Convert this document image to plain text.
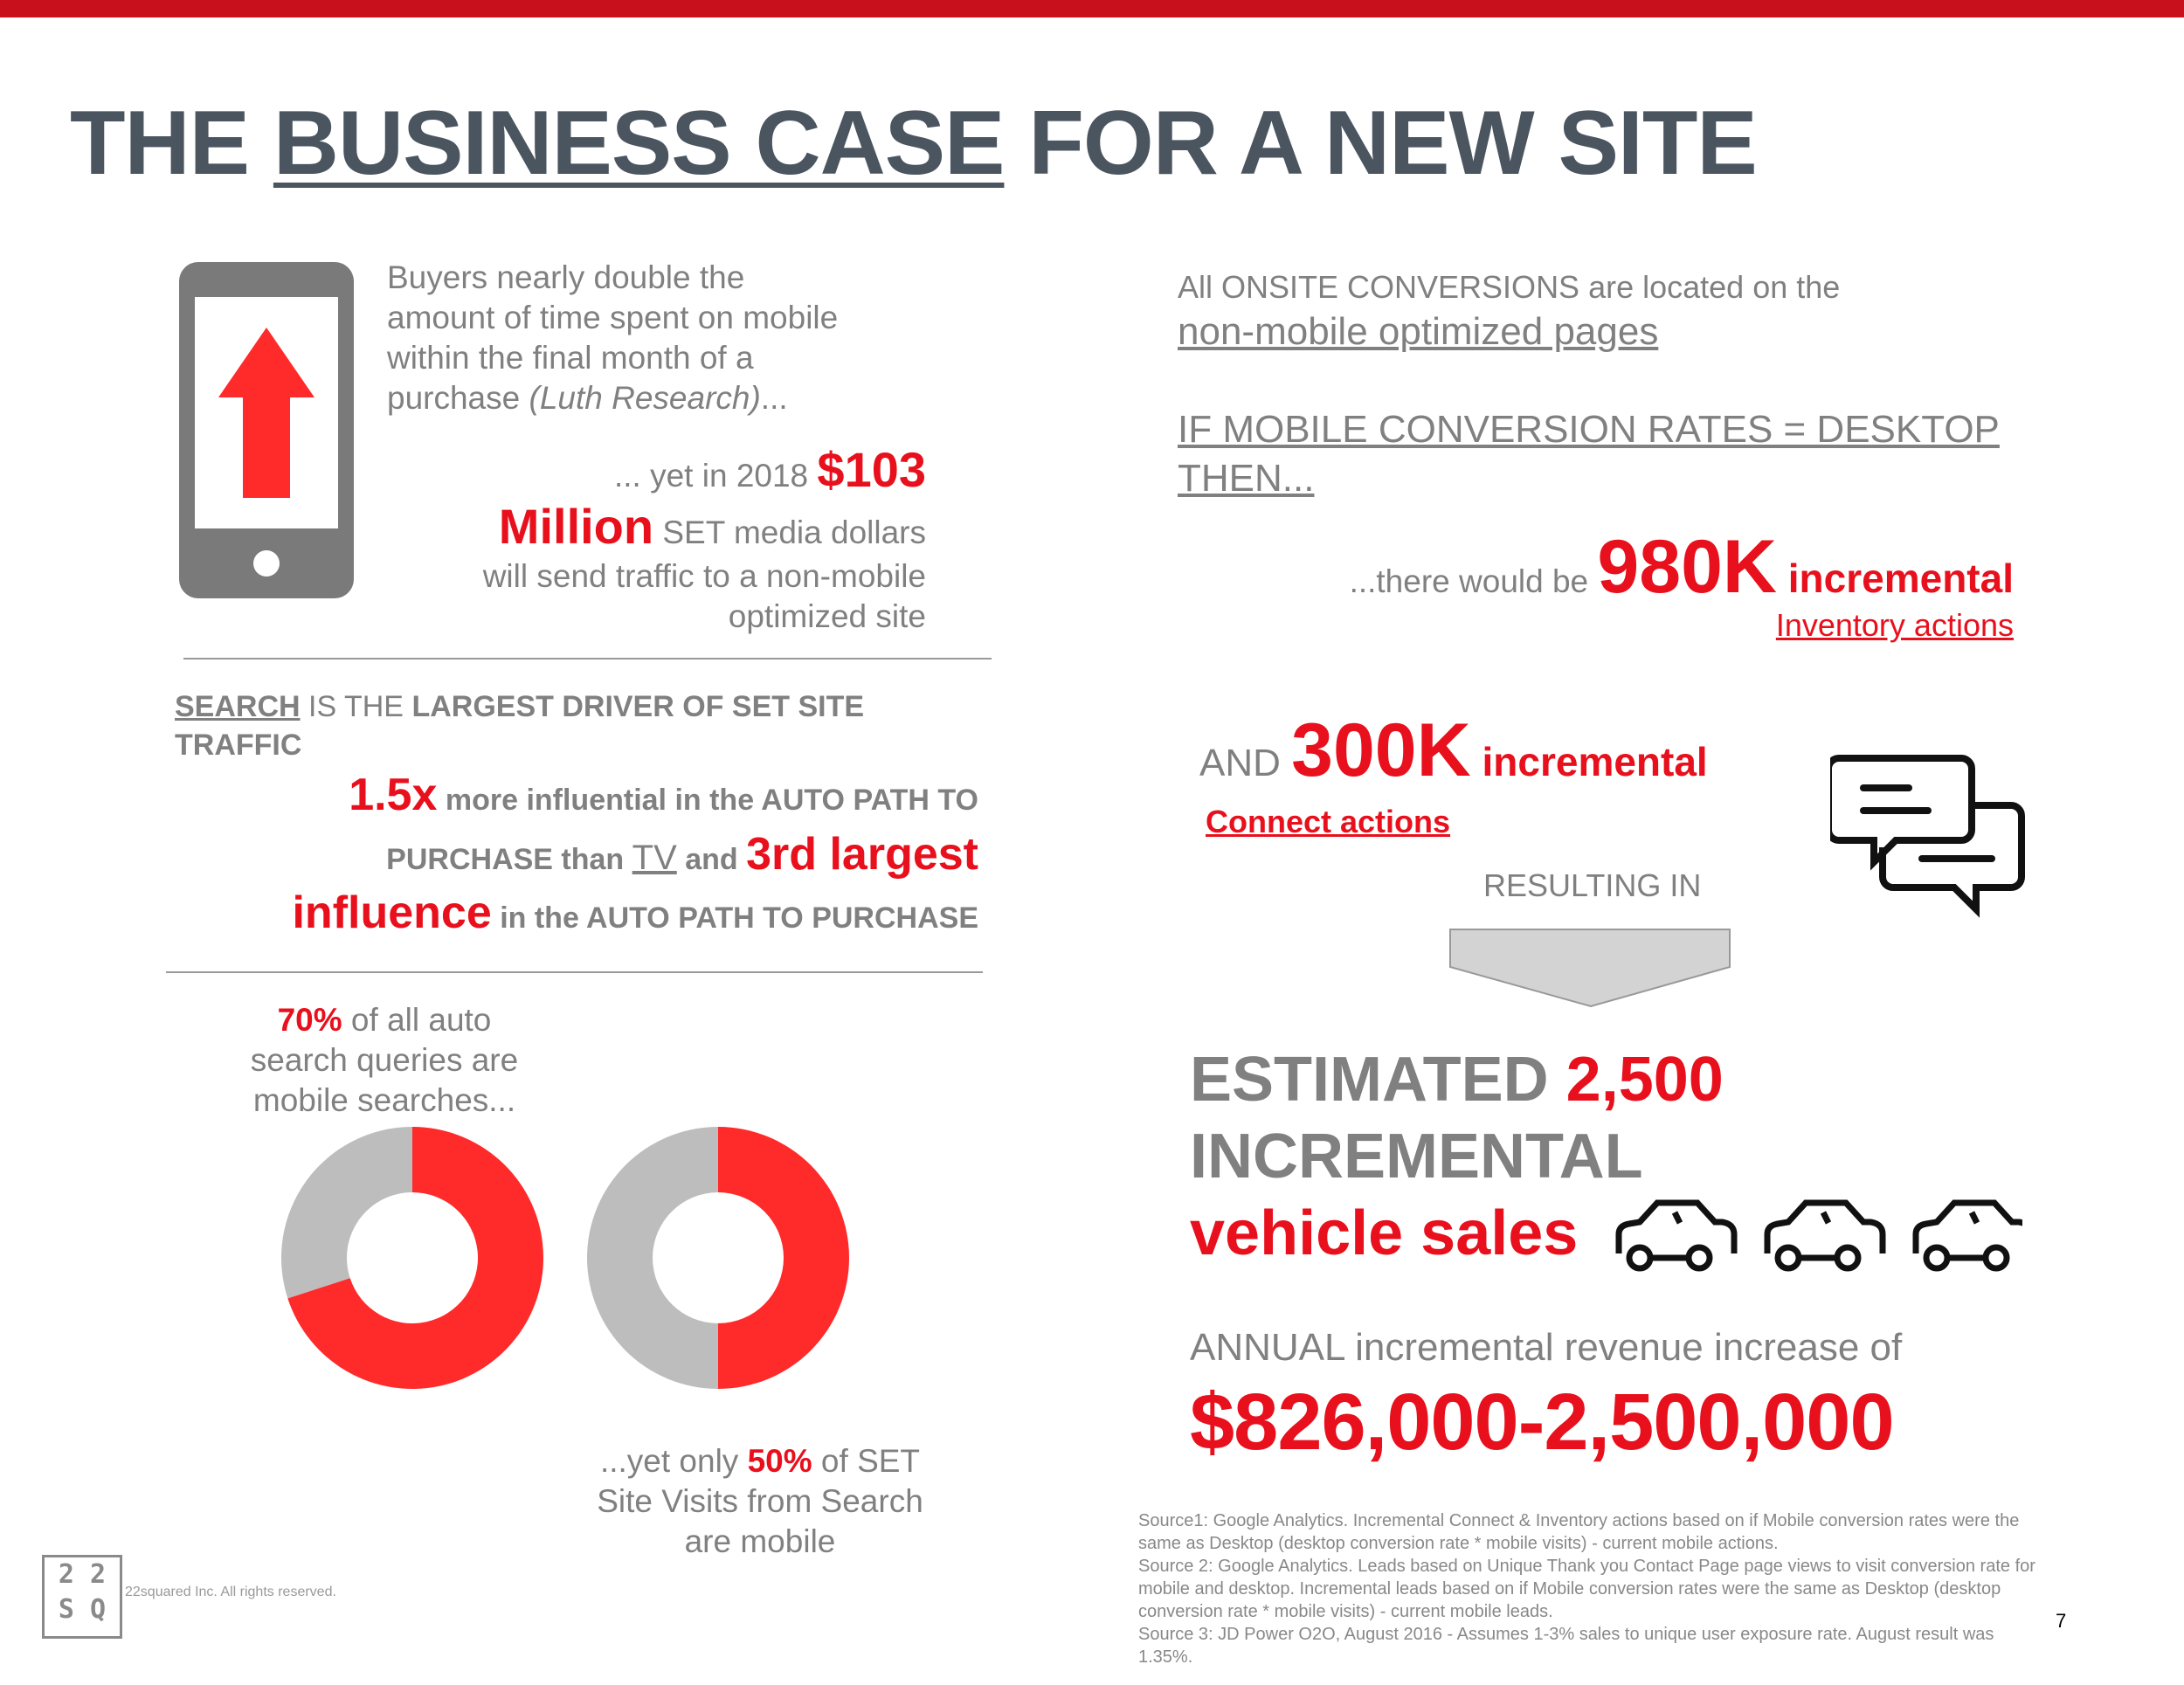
THE BUSINESS CASE FOR A NEW SITE
Buyers nearly double the
amount of time spent on mobile
within the final month of a
purchase (Luth Research)...
... yet in 2018 $103
Million SET media dollars
will send traffic to a non-mobile
optimized site
SEARCH IS THE LARGEST DRIVER OF SET SITE
TRAFFIC
1.5x more influential in the AUTO PATH TO
PURCHASE than TV and 3rd largest
influence in the AUTO PATH TO PURCHASE
70% of all auto
search queries are
mobile searches...
...yet only 50% of SET
Site Visits from Search
are mobile
2 2
S Q
22squared Inc. All rights reserved.
All ONSITE CONVERSIONS are located on the
non-mobile optimized pages
IF MOBILE CONVERSION RATES = DESKTOP
THEN...
...there would be 980K incremental
Inventory actions
AND 300K incremental
Connect actions
RESULTING IN
ESTIMATED 2,500
INCREMENTAL
vehicle sales
ANNUAL incremental revenue increase of
$826,000-2,500,000
Source1: Google Analytics. Incremental Connect & Inventory actions based on if Mobile conversion rates were the
same as Desktop (desktop conversion rate * mobile visits) - current mobile actions.
Source 2: Google Analytics. Leads based on Unique Thank you Contact Page page views to visit conversion rate for
mobile and desktop. Incremental leads based on if Mobile conversion rates were the same as Desktop (desktop
conversion rate * mobile visits) - current mobile leads.
Source 3: JD Power O2O, August 2016 - Assumes 1-3% sales to unique user exposure rate. August result was
1.35%.
7
